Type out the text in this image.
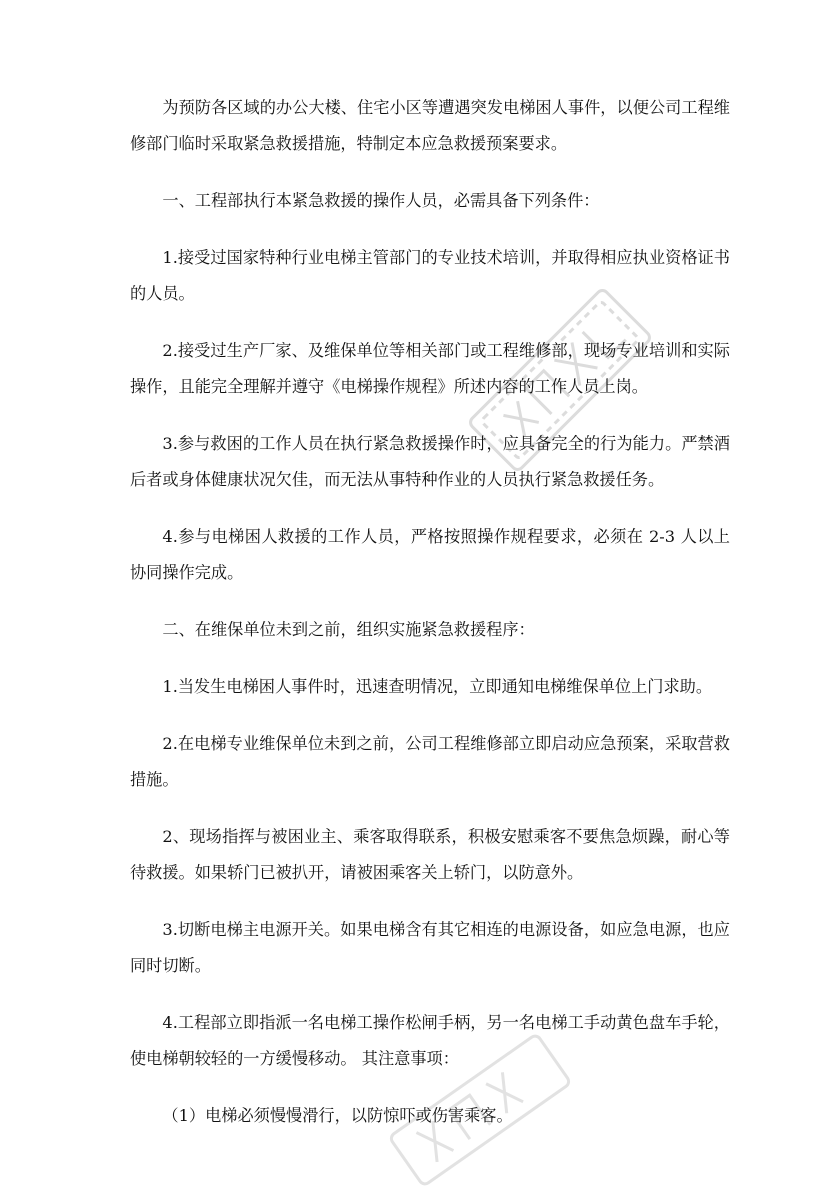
为预防各区域的办公大楼、住宅小区等遭遇突发电梯困人事件，以便公司工程维修部门临时采取紧急救援措施，特制定本应急救援预案要求。

一、工程部执行本紧急救援的操作人员，必需具备下列条件：

1.接受过国家特种行业电梯主管部门的专业技术培训，并取得相应执业资格证书的人员。

2.接受过生产厂家、及维保单位等相关部门或工程维修部，现场专业培训和实际操作，且能完全理解并遵守《电梯操作规程》所述内容的工作人员上岗。

3.参与救困的工作人员在执行紧急救援操作时，应具备完全的行为能力。严禁酒后者或身体健康状况欠佳，而无法从事特种作业的人员执行紧急救援任务。

4.参与电梯困人救援的工作人员，严格按照操作规程要求，必须在 2-3 人以上协同操作完成。

二、在维保单位未到之前，组织实施紧急救援程序：

1.当发生电梯困人事件时，迅速查明情况，立即通知电梯维保单位上门求助。

2.在电梯专业维保单位未到之前，公司工程维修部立即启动应急预案，采取营救措施。

2、现场指挥与被困业主、乘客取得联系，积极安慰乘客不要焦急烦躁，耐心等待救援。如果轿门已被扒开，请被困乘客关上轿门，以防意外。

3.切断电梯主电源开关。如果电梯含有其它相连的电源设备，如应急电源，也应同时切断。

4.工程部立即指派一名电梯工操作松闸手柄，另一名电梯工手动黄色盘车手轮，使电梯朝较轻的一方缓慢移动。 其注意事项：

（1）电梯必须慢慢滑行，以防惊吓或伤害乘客。
